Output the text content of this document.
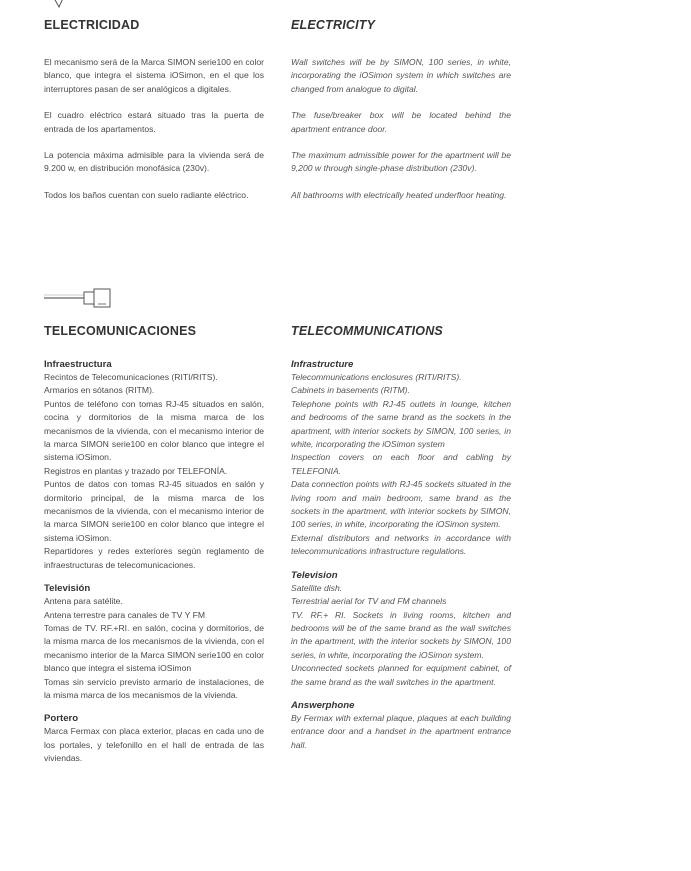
ELECTRICIDAD

El mecanismo será de la Marca SIMON serie100 en color blanco, que integra el sistema iOSimon, en el que los interruptores pasan de ser analógicos a digitales.

El cuadro eléctrico estará situado tras la puerta de entrada de los apartamentos.

La potencia máxima admisible para la vivienda será de 9.200 w, en distribución monofásica (230v).

Todos los baños cuentan con suelo radiante eléctrico.

ELECTRICITY

Wall switches will be by SIMON, 100 series, in white, incorporating the iOSimon system in which switches are changed from analogue to digital.

The fuse/breaker box will be located behind the apartment entrance door.

The maximum admissible power for the apartment will be 9,200 w through single-phase distribution (230v).

All bathrooms with electrically heated underfloor heating.

TELECOMUNICACIONES
Infraestructura

Recintos de Telecomunicaciones (RITI/RITS).

Armarios en sótanos (RITM).

Puntos de teléfono con tomas RJ-45 situados en salón, cocina y dormitorios de la misma marca de los mecanismos de la vivienda, con el mecanismo interior de la marca SIMON serie100 en color blanco que integre el sistema iOSimon.

Registros en plantas y trazado por TELEFONÍA.

Puntos de datos con tomas RJ-45 situados en salón y dormitorio principal, de la misma marca de los mecanismos de la vivienda, con el mecanismo interior de la marca SIMON serie100 en color blanco que integre el sistema iOSimon.

Repartidores y redes exteriores según reglamento de infraestructuras de telecomunicaciones.

Televisión

Antena para satélite.

Antena terrestre para canales de TV Y FM

Tomas de TV. RF.+RI. en salón, cocina y dormitorios, de la misma marca de los mecanismos de la vivienda, con el mecanismo interior de la Marca SIMON serie100 en color blanco que integra el sistema iOSimon

Tomas sin servicio previsto armario de instalaciones, de la misma marca de los mecanismos de la vivienda.

Portero

Marca Fermax con placa exterior, placas en cada uno de los portales, y telefonillo en el hall de entrada de las viviendas.

TELECOMMUNICATIONS
Infrastructure

Telecommunications enclosures (RITI/RITS).

Cabinets in basements (RITM).

Telephone points with RJ-45 outlets in lounge, kitchen and bedrooms of the same brand as the sockets in the apartment, with interior sockets by SIMON, 100 series, in white, incorporating the iOSimon system

Inspection covers on each floor and cabling by TELEFONIA.

Data connection points with RJ-45 sockets situated in the living room and main bedroom, same brand as the sockets in the apartment, with interior sockets by SIMON, 100 series, in white, incorporating the iOSimon system.

External distributors and networks in accordance with telecommunications infrastructure regulations.

Television

Satellite dish.

Terrestrial aerial for TV and FM channels

TV. RF.+ RI. Sockets in living rooms, kitchen and bedrooms will be of the same brand as the wall switches in the apartment, with the interior sockets by SIMON, 100 series, in white, incorporating the iOSimon system.

Unconnected sockets planned for equipment cabinet, of the same brand as the wall switches in the apartment.

Answerphone

By Fermax with external plaque, plaques at each building entrance door and a handset in the apartment entrance hall.
